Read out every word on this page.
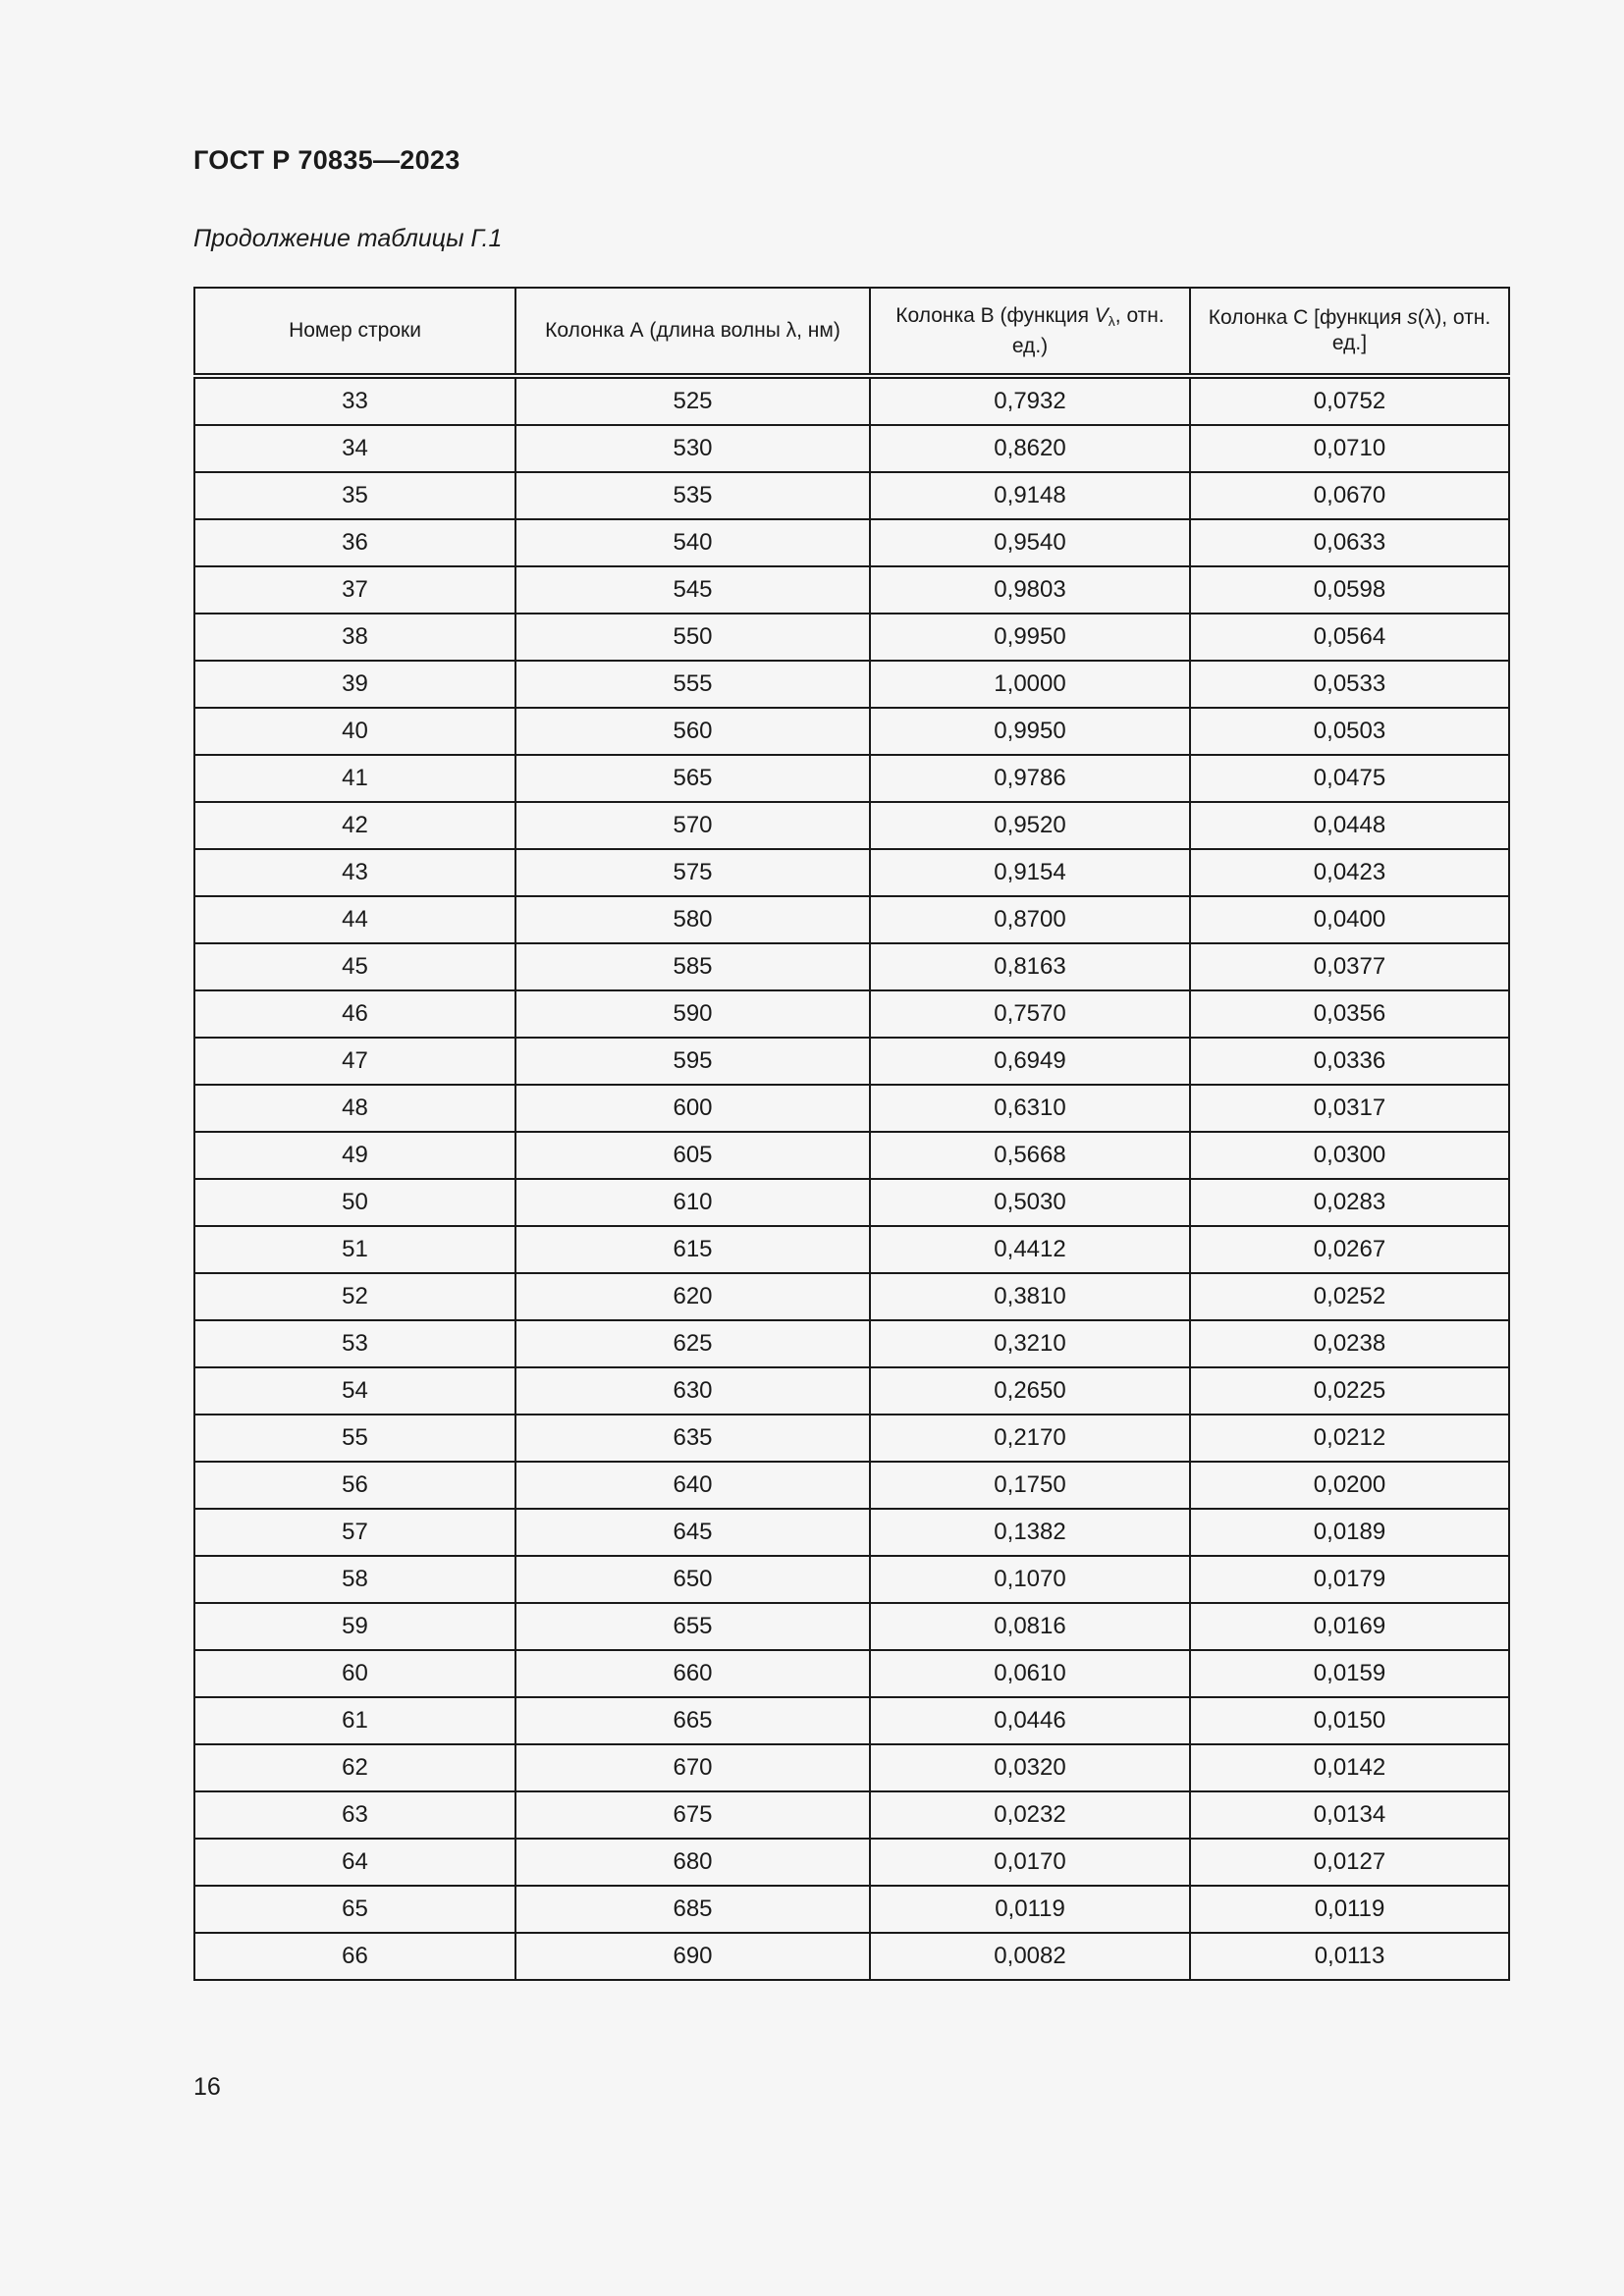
ГОСТ Р 70835—2023
Продолжение таблицы Г.1
Номер строки	Колонка А (длина волны λ, нм)	Колонка В (функция $V_\lambda$, отн. ед.)	Колонка С [функция s(λ), отн. ед.]
33	525	0,7932	0,0752
34	530	0,8620	0,0710
35	535	0,9148	0,0670
36	540	0,9540	0,0633
37	545	0,9803	0,0598
38	550	0,9950	0,0564
39	555	1,0000	0,0533
40	560	0,9950	0,0503
41	565	0,9786	0,0475
42	570	0,9520	0,0448
43	575	0,9154	0,0423
44	580	0,8700	0,0400
45	585	0,8163	0,0377
46	590	0,7570	0,0356
47	595	0,6949	0,0336
48	600	0,6310	0,0317
49	605	0,5668	0,0300
50	610	0,5030	0,0283
51	615	0,4412	0,0267
52	620	0,3810	0,0252
53	625	0,3210	0,0238
54	630	0,2650	0,0225
55	635	0,2170	0,0212
56	640	0,1750	0,0200
57	645	0,1382	0,0189
58	650	0,1070	0,0179
59	655	0,0816	0,0169
60	660	0,0610	0,0159
61	665	0,0446	0,0150
62	670	0,0320	0,0142
63	675	0,0232	0,0134
64	680	0,0170	0,0127
65	685	0,0119	0,0119
66	690	0,0082	0,0113
16
